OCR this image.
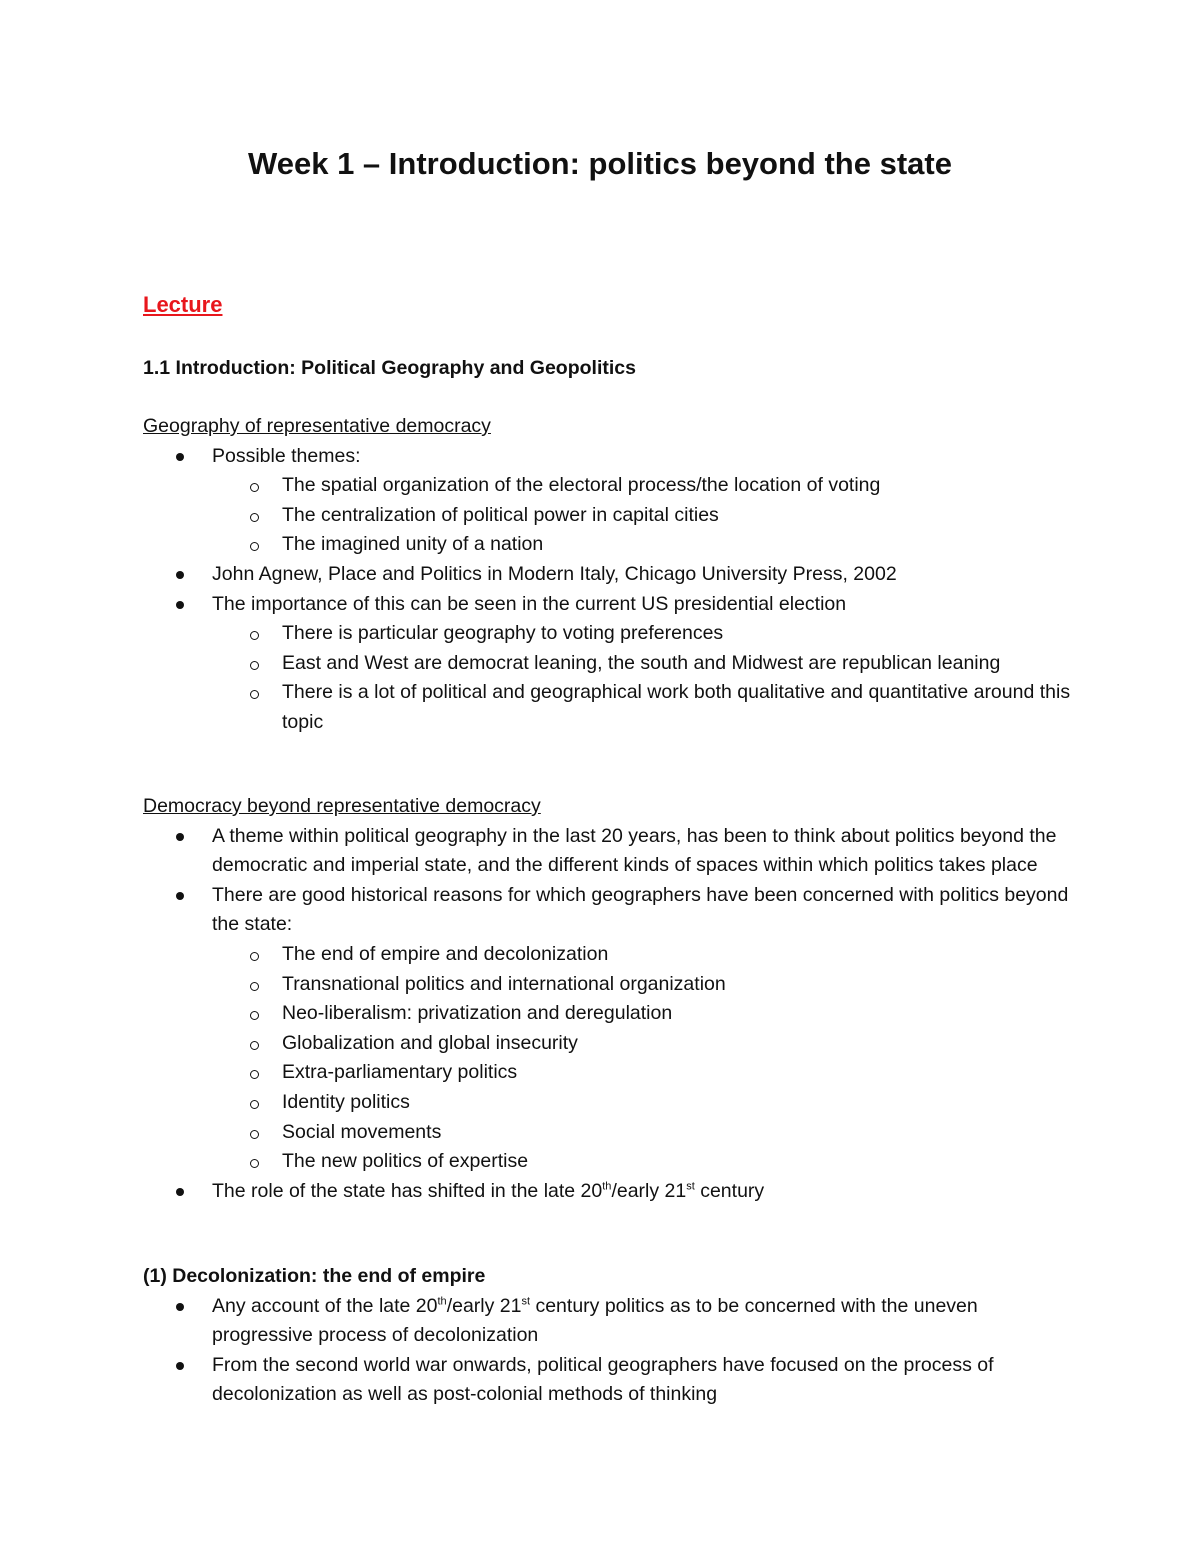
Week 1 – Introduction: politics beyond the state
Lecture
1.1 Introduction: Political Geography and Geopolitics

Geography of representative democracy

Possible themes:
The spatial organization of the electoral process/the location of voting
The centralization of political power in capital cities
The imagined unity of a nation
John Agnew, Place and Politics in Modern Italy, Chicago University Press, 2002
The importance of this can be seen in the current US presidential election
There is particular geography to voting preferences
East and West are democrat leaning, the south and Midwest are republican leaning
There is a lot of political and geographical work both qualitative and quantitative around this topic

Democracy beyond representative democracy

A theme within political geography in the last 20 years, has been to think about politics beyond the democratic and imperial state, and the different kinds of spaces within which politics takes place
There are good historical reasons for which geographers have been concerned with politics beyond the state:
The end of empire and decolonization
Transnational politics and international organization
Neo-liberalism: privatization and deregulation
Globalization and global insecurity
Extra-parliamentary politics
Identity politics
Social movements
The new politics of expertise
The role of the state has shifted in the late 20th/early 21st century

(1) Decolonization: the end of empire

Any account of the late 20th/early 21st century politics as to be concerned with the uneven progressive process of decolonization
From the second world war onwards, political geographers have focused on the process of decolonization as well as post-colonial methods of thinking
